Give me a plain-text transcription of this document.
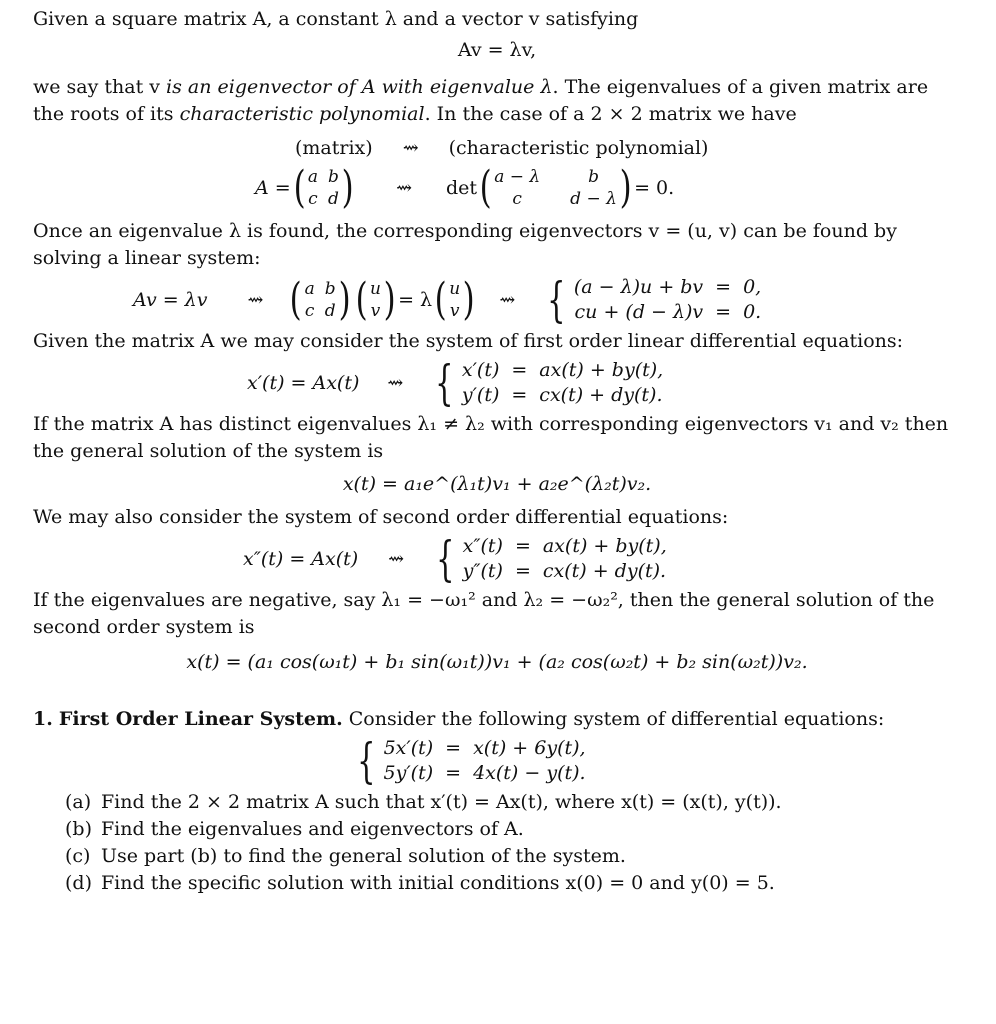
Given a square matrix A, a constant λ and a vector v satisfying

Av = λv,

we say that v is an eigenvector of A with eigenvalue λ. The eigenvalues of a given matrix are the roots of its characteristic polynomial. In the case of a 2 × 2 matrix we have

(matrix) ⇝ (characteristic polynomial)
A = ( a b
c d ) ⇝ det ( a − λ	b
c	d − λ ) = 0.

Once an eigenvalue λ is found, the corresponding eigenvectors v = (u, v) can be found by solving a linear system:

Av = λv ⇝ ( a b
c d ) ( u
v ) = λ ( u
v ) ⇝ { (a − λ)u + bv = 0,
cu + (d − λ)v = 0.

Given the matrix A we may consider the system of first order linear differential equations:

x′(t) = Ax(t) ⇝ { x′(t) = ax(t) + by(t),
y′(t) = cx(t) + dy(t).

If the matrix A has distinct eigenvalues λ₁ ≠ λ₂ with corresponding eigenvectors v₁ and v₂ then the general solution of the system is

x(t) = a₁e^(λ₁t)v₁ + a₂e^(λ₂t)v₂.

We may also consider the system of second order differential equations:

x″(t) = Ax(t) ⇝ { x″(t) = ax(t) + by(t),
y″(t) = cx(t) + dy(t).

If the eigenvalues are negative, say λ₁ = −ω₁² and λ₂ = −ω₂², then the general solution of the second order system is

x(t) = (a₁ cos(ω₁t) + b₁ sin(ω₁t))v₁ + (a₂ cos(ω₂t) + b₂ sin(ω₂t))v₂.

1. First Order Linear System. Consider the following system of differential equations:

{ 5x′(t) = x(t) + 6y(t),
5y′(t) = 4x(t) − y(t).
(a) Find the 2 × 2 matrix A such that x′(t) = Ax(t), where x(t) = (x(t), y(t)).
(b) Find the eigenvalues and eigenvectors of A.
(c) Use part (b) to find the general solution of the system.
(d) Find the specific solution with initial conditions x(0) = 0 and y(0) = 5.
